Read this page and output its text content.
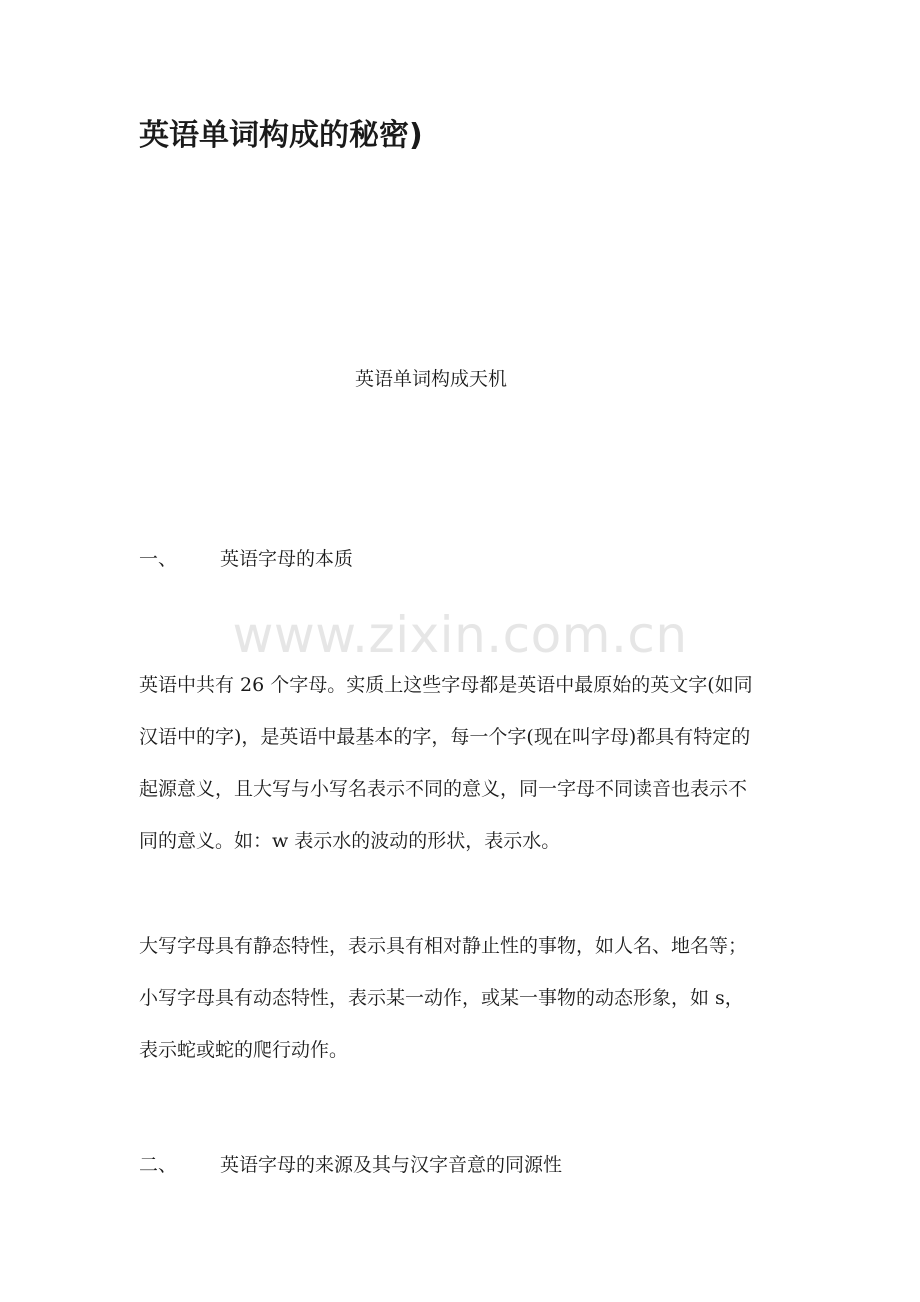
英语单词构成的秘密)
英语单词构成天机
一、 英语字母的本质
www.zixin.com.cn

英语中共有 26 个字母。实质上这些字母都是英语中最原始的英文字(如同
汉语中的字)，是英语中最基本的字，每一个字(现在叫字母)都具有特定的
起源意义，且大写与小写名表示不同的意义，同一字母不同读音也表示不
同的意义。如：w 表示水的波动的形状，表示水。

大写字母具有静态特性，表示具有相对静止性的事物，如人名、地名等；
小写字母具有动态特性，表示某一动作，或某一事物的动态形象，如 s，
表示蛇或蛇的爬行动作。

二、 英语字母的来源及其与汉字音意的同源性
